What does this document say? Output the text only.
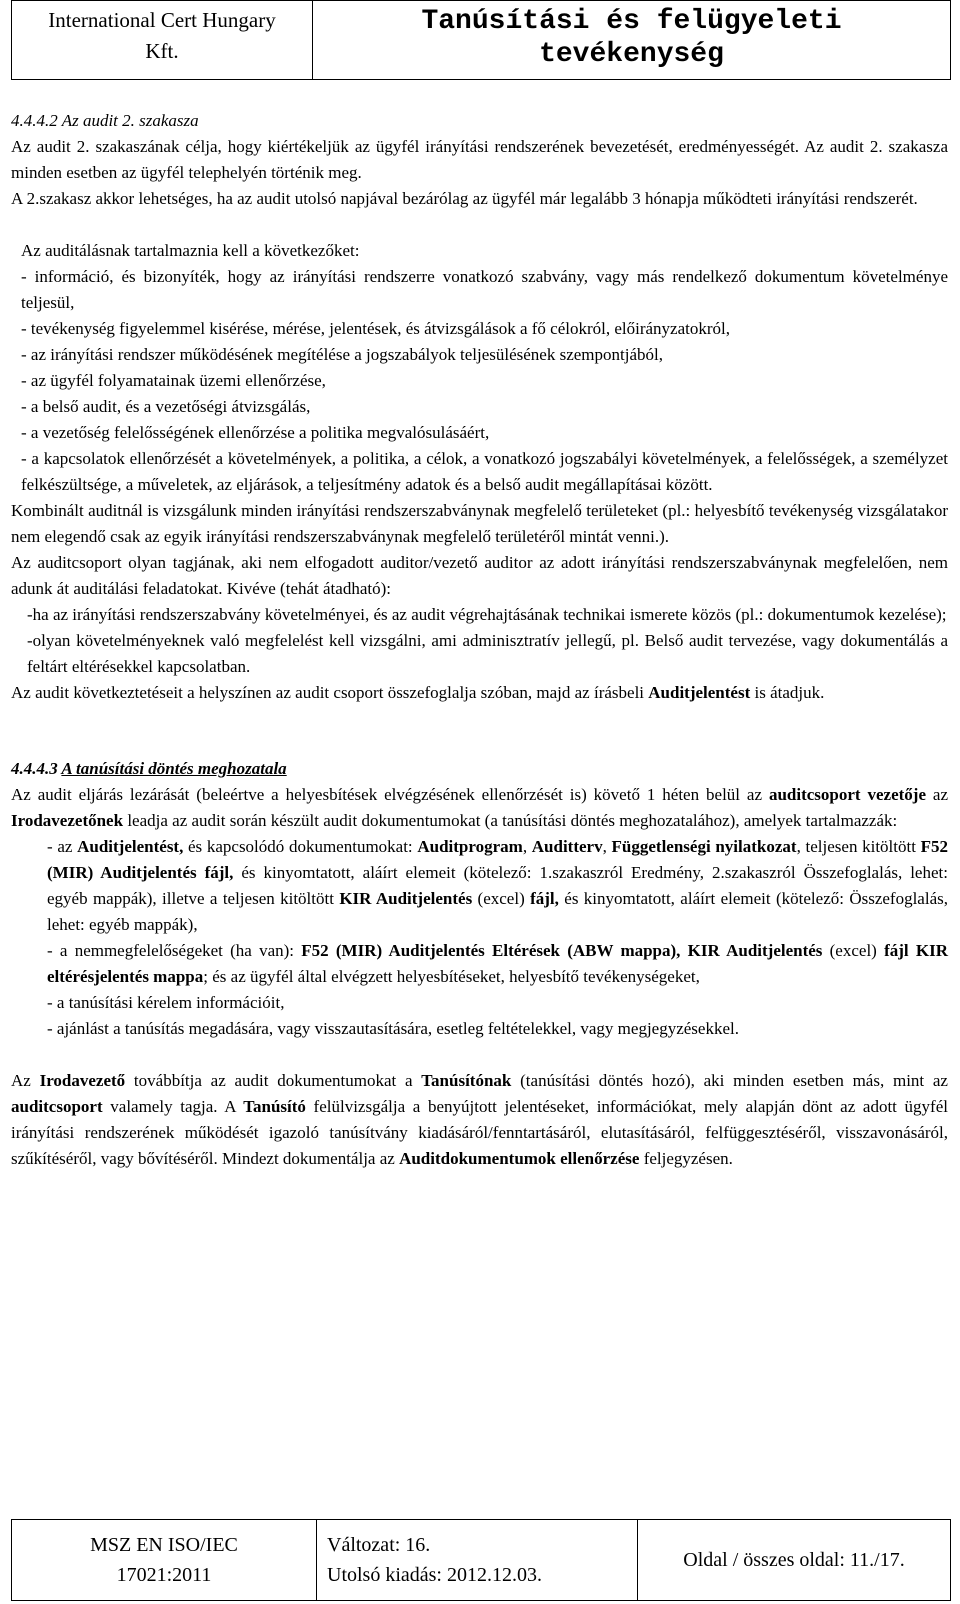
International Cert Hungary
Kft.

Tanúsítási és felügyeleti
tevékenység

4.4.4.2 Az audit 2. szakasza

Az audit 2. szakaszának célja, hogy kiértékeljük az ügyfél irányítási rendszerének bevezetését, eredményességét. Az audit 2. szakasza minden esetben az ügyfél telephelyén történik meg.

A 2.szakasz akkor lehetséges, ha az audit utolsó napjával bezárólag az ügyfél már legalább 3 hónapja működteti irányítási rendszerét.

Az auditálásnak tartalmaznia kell a következőket:

- információ, és bizonyíték, hogy az irányítási rendszerre vonatkozó szabvány, vagy más rendelkező dokumentum követelménye teljesül,

- tevékenység figyelemmel kisérése, mérése, jelentések, és átvizsgálások a fő célokról, előirányzatokról,

- az irányítási rendszer működésének megítélése a jogszabályok teljesülésének szempontjából,

- az ügyfél folyamatainak üzemi ellenőrzése,

- a belső audit, és a vezetőségi átvizsgálás,

- a vezetőség felelősségének ellenőrzése a politika megvalósulásáért,

- a kapcsolatok ellenőrzését a követelmények, a politika, a célok, a vonatkozó jogszabályi követelmények, a felelősségek, a személyzet felkészültsége, a műveletek, az eljárások, a teljesítmény adatok és a belső audit megállapításai között.

Kombinált auditnál is vizsgálunk minden irányítási rendszerszabványnak megfelelő területeket (pl.: helyesbítő tevékenység vizsgálatakor nem elegendő csak az egyik irányítási rendszerszabványnak megfelelő területéről mintát venni.).

Az auditcsoport olyan tagjának, aki nem elfogadott auditor/vezető auditor az adott irányítási rendszerszabványnak megfelelően, nem adunk át auditálási feladatokat. Kivéve (tehát átadható):

-ha az irányítási rendszerszabvány követelményei, és az audit végrehajtásának technikai ismerete közös (pl.: dokumentumok kezelése);

-olyan követelményeknek való megfelelést kell vizsgálni, ami adminisztratív jellegű, pl. Belső audit tervezése, vagy dokumentálás a feltárt eltérésekkel kapcsolatban.

Az audit következtetéseit a helyszínen az audit csoport összefoglalja szóban, majd az írásbeli Auditjelentést is átadjuk.

4.4.4.3 A tanúsítási döntés meghozatala

Az audit eljárás lezárását (beleértve a helyesbítések elvégzésének ellenőrzését is) követő 1 héten belül az auditcsoport vezetője az Irodavezetőnek leadja az audit során készült audit dokumentumokat (a tanúsítási döntés meghozatalához), amelyek tartalmazzák:

- az Auditjelentést, és kapcsolódó dokumentumokat: Auditprogram, Auditterv, Függetlenségi nyilatkozat, teljesen kitöltött F52 (MIR) Auditjelentés fájl, és kinyomtatott, aláírt elemeit (kötelező: 1.szakaszról Eredmény, 2.szakaszról Összefoglalás, lehet: egyéb mappák), illetve a teljesen kitöltött KIR Auditjelentés (excel) fájl, és kinyomtatott, aláírt elemeit (kötelező: Összefoglalás, lehet: egyéb mappák),

- a nemmegfelelőségeket (ha van): F52 (MIR) Auditjelentés Eltérések (ABW mappa), KIR Auditjelentés (excel) fájl KIR eltérésjelentés mappa; és az ügyfél által elvégzett helyesbítéseket, helyesbítő tevékenységeket,

- a tanúsítási kérelem információit,

- ajánlást a tanúsítás megadására, vagy visszautasítására, esetleg feltételekkel, vagy megjegyzésekkel.

Az Irodavezető továbbítja az audit dokumentumokat a Tanúsítónak (tanúsítási döntés hozó), aki minden esetben más, mint az auditcsoport valamely tagja. A Tanúsító felülvizsgálja a benyújtott jelentéseket, információkat, mely alapján dönt az adott ügyfél irányítási rendszerének működését igazoló tanúsítvány kiadásáról/fenntartásáról, elutasításáról, felfüggesztéséről, visszavonásáról, szűkítéséről, vagy bővítéséről. Mindezt dokumentálja az Auditdokumentumok ellenőrzése feljegyzésen.

MSZ EN ISO/IEC
17021:2011

Változat: 16.
Utolsó kiadás: 2012.12.03.
	Oldal / összes oldal: 11./17.
